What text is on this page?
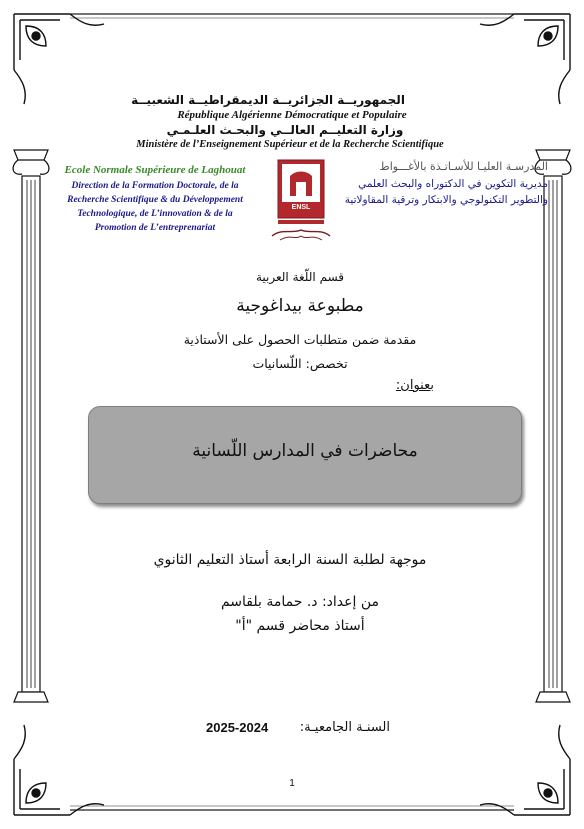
الجمهوريــة الجزائريــة الديمقراطيــة الشعبيــة
République Algérienne Démocratique et Populaire
وزارة التعليــم العالــي والبحـث العلـمـي
Ministère de l’Enseignement Supérieur et de la Recherche Scientifique
Ecole Normale Supérieure de Laghouat
Direction de la Formation Doctorale, de la
Recherche Scientifique & du Développement
Technologique, de L’innovation & de la
Promotion de L’entreprenariat
ENSL
المدرسـة العليـا للأسـاتـذة بالأغـــواط
مديرية التكوين في الدكتوراه والبحث العلمي
والتطوير التكنولوجي والابتكار وترقية المقاولاتية
قسم اللّغة العربية
مطبوعة بيداغوجية
مقدمة ضمن متطلبات الحصول على الأستاذية
تخصص: اللّسانيات
بعنوان:
محاضرات في المدارس اللّسانية
موجهة لطلبة السنة الرابعة أستاذ التعليم الثانوي
من إعداد: د. حمامة بلقاسم
أستاذ محاضر قسم "أ"
السنـة الجامعيـة:
2025-2024
1
